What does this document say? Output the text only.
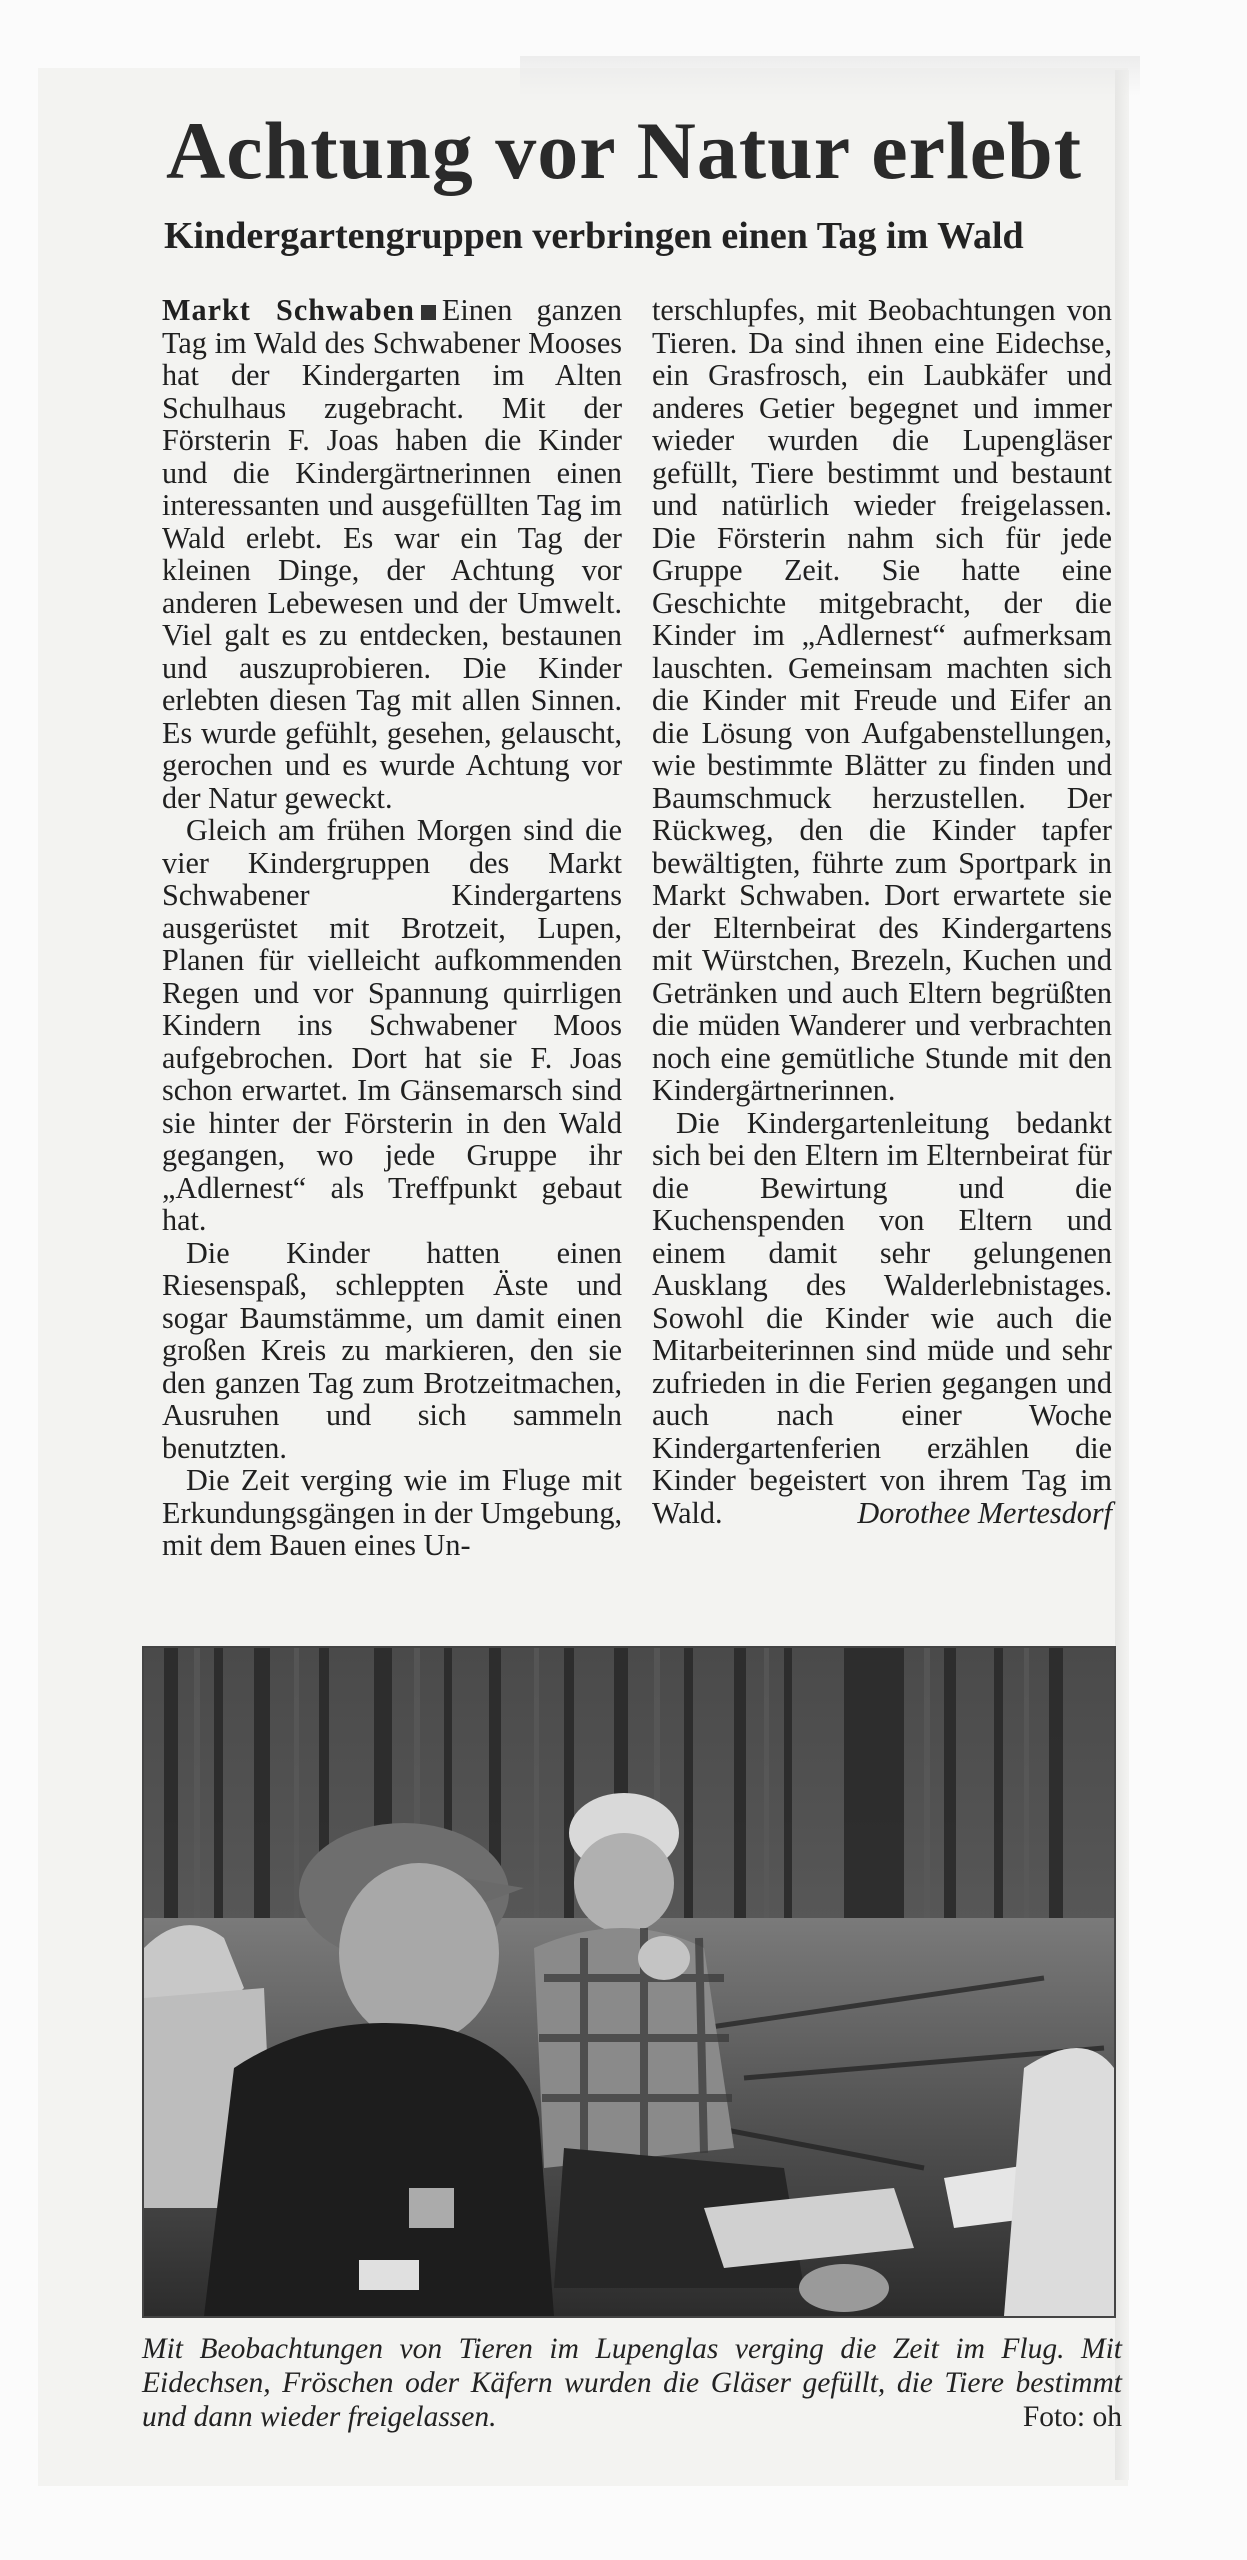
Achtung vor Natur erlebt
Kindergartengruppen verbringen einen Tag im Wald

Markt Schwaben Einen ganzen Tag im Wald des Schwabener Mooses hat der Kindergarten im Alten Schulhaus zugebracht. Mit der Försterin F. Joas haben die Kinder und die Kindergärtnerinnen einen interessanten und ausgefüllten Tag im Wald erlebt. Es war ein Tag der kleinen Dinge, der Achtung vor anderen Lebewesen und der Umwelt. Viel galt es zu entdecken, bestaunen und auszuprobieren. Die Kinder erlebten diesen Tag mit allen Sinnen. Es wurde gefühlt, gesehen, gelauscht, gerochen und es wurde Achtung vor der Natur geweckt.

Gleich am frühen Morgen sind die vier Kindergruppen des Markt Schwabener Kindergartens ausgerüstet mit Brotzeit, Lupen, Planen für vielleicht aufkommenden Regen und vor Spannung quirrligen Kindern ins Schwabener Moos aufgebrochen. Dort hat sie F. Joas schon erwartet. Im Gänsemarsch sind sie hinter der Försterin in den Wald gegangen, wo jede Gruppe ihr „Adlernest“ als Treffpunkt gebaut hat.

Die Kinder hatten einen Riesenspaß, schleppten Äste und sogar Baumstämme, um damit einen großen Kreis zu markieren, den sie den ganzen Tag zum Brotzeitmachen, Ausruhen und sich sammeln benutzten.

Die Zeit verging wie im Fluge mit Erkundungsgängen in der Umgebung, mit dem Bauen eines Un-

terschlupfes, mit Beobachtungen von Tieren. Da sind ihnen eine Eidechse, ein Grasfrosch, ein Laubkäfer und anderes Getier begegnet und immer wieder wurden die Lupengläser gefüllt, Tiere bestimmt und bestaunt und natürlich wieder freigelassen. Die Försterin nahm sich für jede Gruppe Zeit. Sie hatte eine Geschichte mitgebracht, der die Kinder im „Adlernest“ aufmerksam lauschten. Gemeinsam machten sich die Kinder mit Freude und Eifer an die Lösung von Aufgabenstellungen, wie bestimmte Blätter zu finden und Baumschmuck herzustellen. Der Rückweg, den die Kinder tapfer bewältigten, führte zum Sportpark in Markt Schwaben. Dort erwartete sie der Elternbeirat des Kindergartens mit Würstchen, Brezeln, Kuchen und Getränken und auch Eltern begrüßten die müden Wanderer und verbrachten noch eine gemütliche Stunde mit den Kindergärtnerinnen.

Die Kindergartenleitung bedankt sich bei den Eltern im Elternbeirat für die Bewirtung und die Kuchenspenden von Eltern und einem damit sehr gelungenen Ausklang des Walderlebnistages. Sowohl die Kinder wie auch die Mitarbeiterinnen sind müde und sehr zufrieden in die Ferien gegangen und auch nach einer Woche Kindergartenferien erzählen die Kinder begeistert von ihrem Tag im Wald.	Dorothee Mertesdorf

Mit Beobachtungen von Tieren im Lupenglas verging die Zeit im Flug. Mit Eidechsen, Fröschen oder Käfern wurden die Gläser gefüllt, die Tiere bestimmt und dann wieder freigelassen.	Foto: oh
